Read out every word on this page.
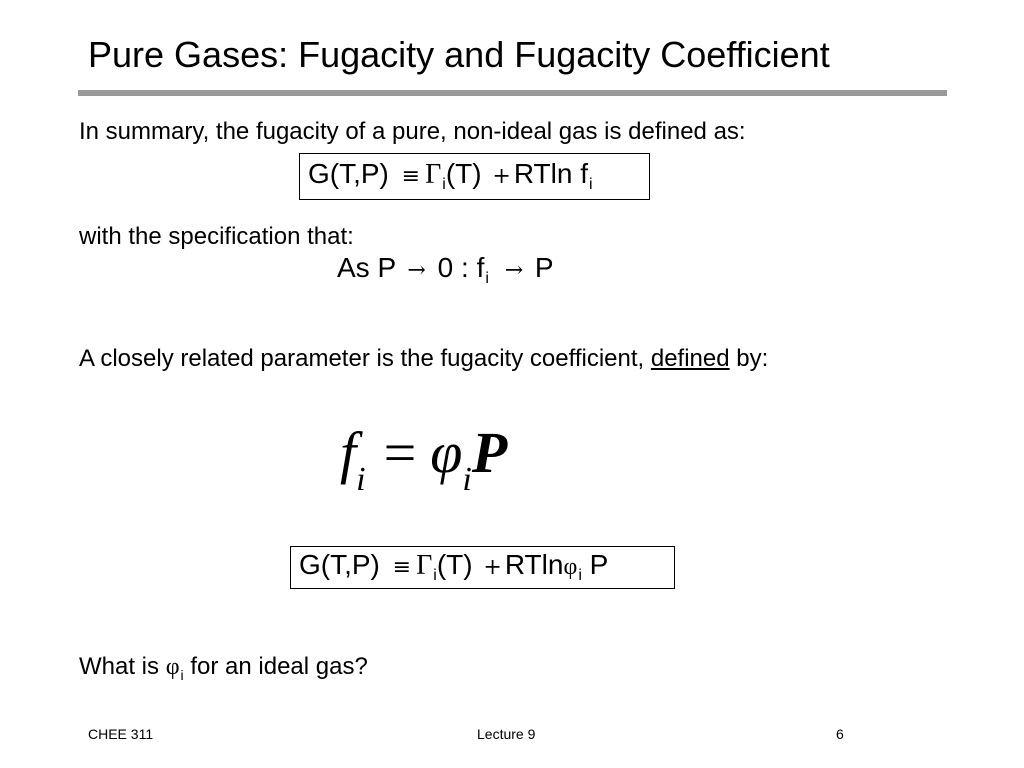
Pure Gases: Fugacity and Fugacity Coefficient
In summary, the fugacity of a pure, non-ideal gas is defined as:
$G(T,P) \equiv \Gamma_i(T) + RTln$ $f_i$
with the specification that:
As P → 0 : $f_i \to P$
A closely related parameter is the fugacity coefficient, defined by:
$f_i = \varphi_iP$
$G(T,P) \equiv \Gamma_i(T) + RTln\varphi_i$ P
What is $\varphi_i$ for an ideal gas?
CHEE 311	Lecture 9	6
